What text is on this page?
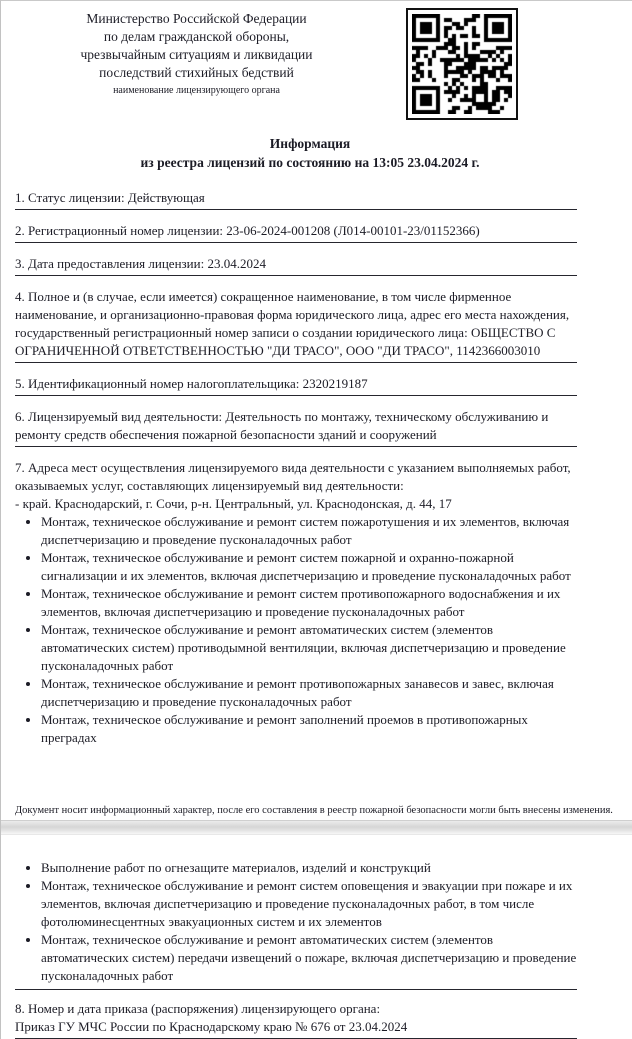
Министерство Российской Федерации
по делам гражданской обороны,
чрезвычайным ситуациям и ликвидации
последствий стихийных бедствий
наименование лицензирующего органа
Информация
из реестра лицензий по состоянию на 13:05 23.04.2024 г.
1. Статус лицензии: Действующая
2. Регистрационный номер лицензии: 23-06-2024-001208 (Л014-00101-23/01152366)
3. Дата предоставления лицензии: 23.04.2024
4. Полное и (в случае, если имеется) сокращенное наименование, в том числе фирменное наименование, и организационно-правовая форма юридического лица, адрес его места нахождения, государственный регистрационный номер записи о создании юридического лица: ОБЩЕСТВО С ОГРАНИЧЕННОЙ ОТВЕТСТВЕННОСТЬЮ "ДИ ТРАСО", ООО "ДИ ТРАСО", 1142366003010
5. Идентификационный номер налогоплательщика: 2320219187
6. Лицензируемый вид деятельности: Деятельность по монтажу, техническому обслуживанию и ремонту средств обеспечения пожарной безопасности зданий и сооружений
7. Адреса мест осуществления лицензируемого вида деятельности с указанием выполняемых работ, оказываемых услуг, составляющих лицензируемый вид деятельности:
- край. Краснодарский, г. Сочи, р-н. Центральный, ул. Краснодонская, д. 44, 17
• Монтаж, техническое обслуживание и ремонт систем пожаротушения и их элементов, включая диспетчеризацию и проведение пусконаладочных работ
• Монтаж, техническое обслуживание и ремонт систем пожарной и охранно-пожарной сигнализации и их элементов, включая диспетчеризацию и проведение пусконаладочных работ
• Монтаж, техническое обслуживание и ремонт систем противопожарного водоснабжения и их элементов, включая диспетчеризацию и проведение пусконаладочных работ
• Монтаж, техническое обслуживание и ремонт автоматических систем (элементов автоматических систем) противодымной вентиляции, включая диспетчеризацию и проведение пусконаладочных работ
• Монтаж, техническое обслуживание и ремонт противопожарных занавесов и завес, включая диспетчеризацию и проведение пусконаладочных работ
• Монтаж, техническое обслуживание и ремонт заполнений проемов в противопожарных преградах
Документ носит информационный характер, после его составления в реестр пожарной безопасности могли быть внесены изменения.
• Выполнение работ по огнезащите материалов, изделий и конструкций
• Монтаж, техническое обслуживание и ремонт систем оповещения и эвакуации при пожаре и их элементов, включая диспетчеризацию и проведение пусконаладочных работ, в том числе фотолюминесцентных эвакуационных систем и их элементов
• Монтаж, техническое обслуживание и ремонт автоматических систем (элементов автоматических систем) передачи извещений о пожаре, включая диспетчеризацию и проведение пусконаладочных работ
8. Номер и дата приказа (распоряжения) лицензирующего органа:
Приказ ГУ МЧС России по Краснодарскому краю № 676 от 23.04.2024
